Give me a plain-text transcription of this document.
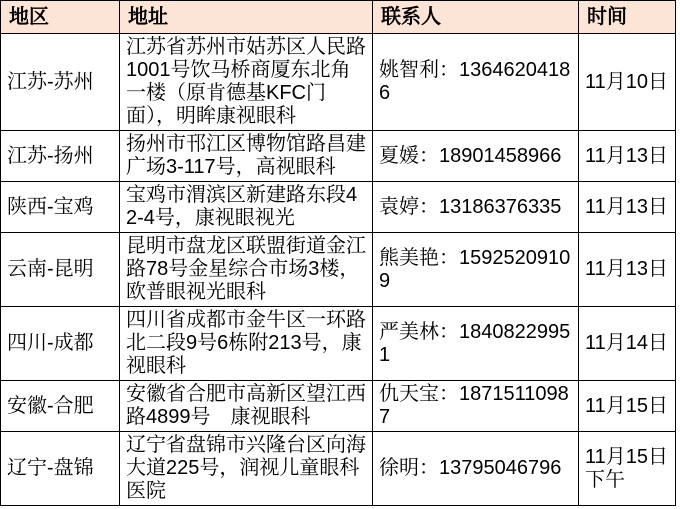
地区	地址	联系人	时间
江苏-苏州	江苏省苏州市姑苏区人民路1001号饮马桥商厦东北角一楼（原肯德基KFC门面），明眸康视眼科	姚智利：13646204186	11月10日
江苏-扬州	扬州市邗江区博物馆路昌建广场3-117号，高视眼科	夏媛：18901458966	11月13日
陕西-宝鸡	宝鸡市渭滨区新建路东段42-4号，康视眼视光	袁婷：13186376335	11月13日
云南-昆明	昆明市盘龙区联盟街道金江路78号金星综合市场3楼，欧普眼视光眼科	熊美艳：15925209109	11月13日
四川-成都	四川省成都市金牛区一环路北二段9号6栋附213号，康视眼科	严美林：18408229951	11月14日
安徽-合肥	安徽省合肥市高新区望江西路4899号　康视眼科	仇天宝：18715110987	11月15日
辽宁-盘锦	辽宁省盘锦市兴隆台区向海大道225号，润视儿童眼科医院	徐明：13795046796	11月15日下午
